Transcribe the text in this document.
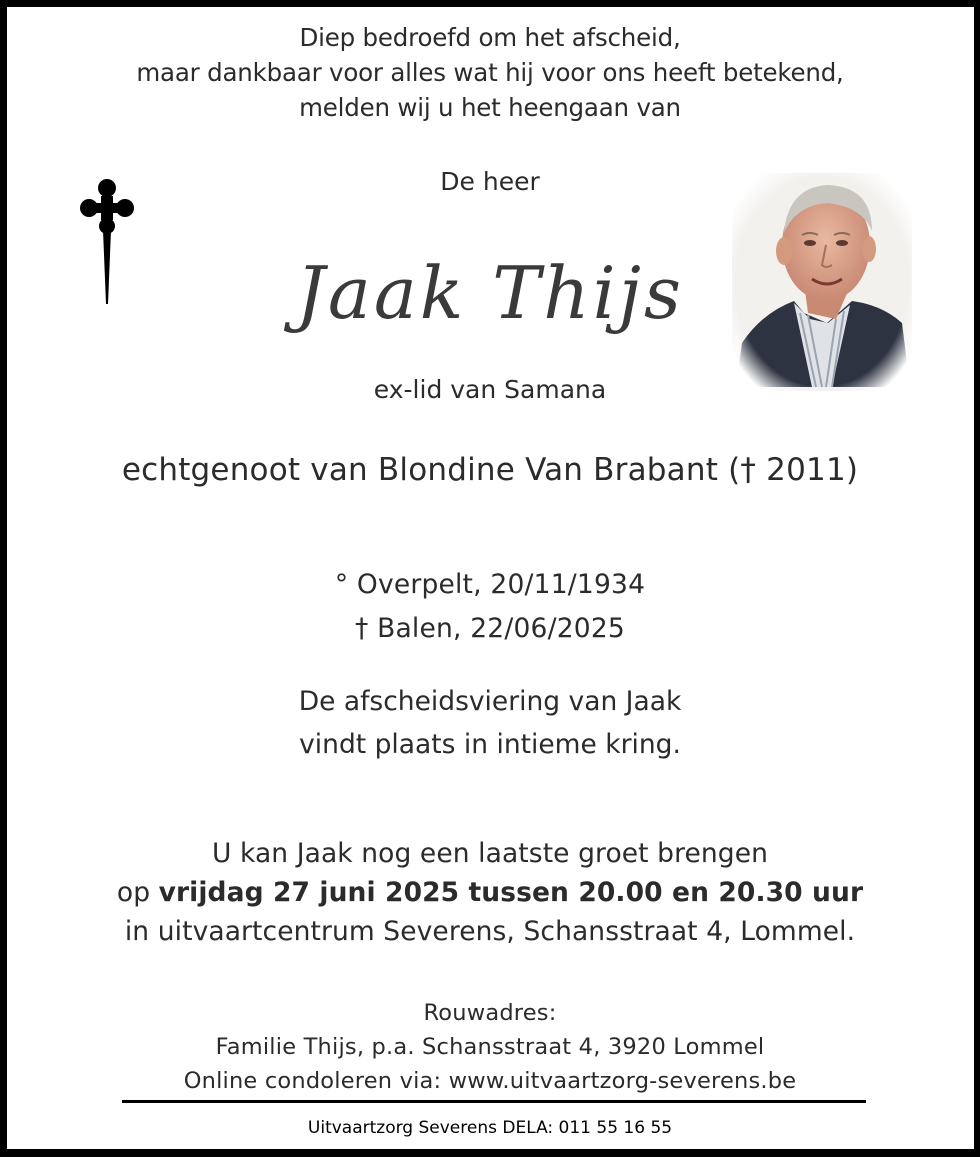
Diep bedroefd om het afscheid,
maar dankbaar voor alles wat hij voor ons heeft betekend,
melden wij u het heengaan van
De heer
Jaak Thijs
ex-lid van Samana
echtgenoot van Blondine Van Brabant († 2011)
° Overpelt, 20/11/1934
† Balen, 22/06/2025
De afscheidsviering van Jaak
vindt plaats in intieme kring.
U kan Jaak nog een laatste groet brengen
op vrijdag 27 juni 2025 tussen 20.00 en 20.30 uur
in uitvaartcentrum Severens, Schansstraat 4, Lommel.
Rouwadres:
Familie Thijs, p.a. Schansstraat 4, 3920 Lommel
Online condoleren via: www.uitvaartzorg-severens.be
Uitvaartzorg Severens DELA: 011 55 16 55
